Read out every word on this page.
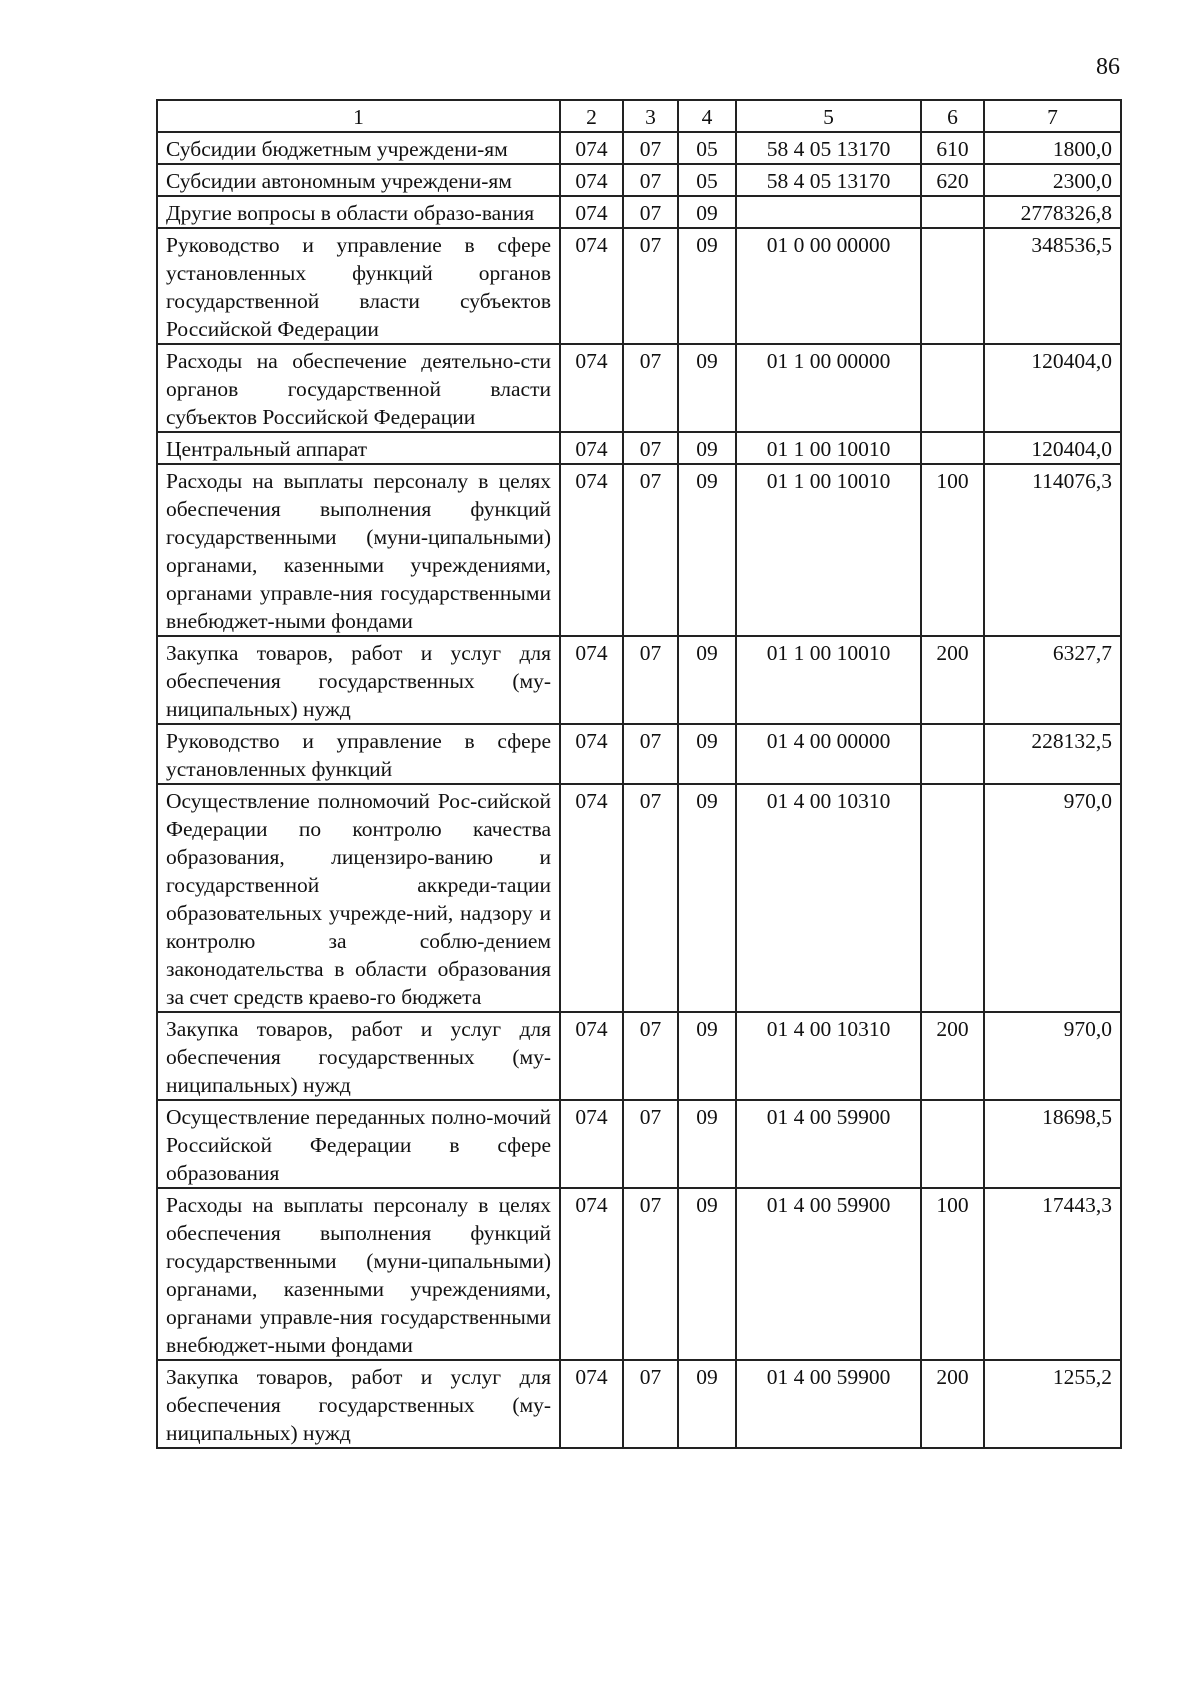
86
1	2	3	4	5	6	7
Субсидии бюджетным учреждени-ям	074	07	05	58 4 05 13170	610	1800,0
Субсидии автономным учреждени-ям	074	07	05	58 4 05 13170	620	2300,0
Другие вопросы в области образо-вания	074	07	09			2778326,8
Руководство и управление в сфере установленных функций органов государственной власти субъектов Российской Федерации	074	07	09	01 0 00 00000		348536,5
Расходы на обеспечение деятельно-сти органов государственной власти субъектов Российской Федерации	074	07	09	01 1 00 00000		120404,0
Центральный аппарат	074	07	09	01 1 00 10010		120404,0
Расходы на выплаты персоналу в целях обеспечения выполнения функций государственными (муни-ципальными) органами, казенными учреждениями, органами управле-ния государственными внебюджет-ными фондами	074	07	09	01 1 00 10010	100	114076,3
Закупка товаров, работ и услуг для обеспечения государственных (му-ниципальных) нужд	074	07	09	01 1 00 10010	200	6327,7
Руководство и управление в сфере установленных функций	074	07	09	01 4 00 00000		228132,5
Осуществление полномочий Рос-сийской Федерации по контролю качества образования, лицензиро-ванию и государственной аккреди-тации образовательных учрежде-ний, надзору и контролю за соблю-дением законодательства в области образования за счет средств краево-го бюджета	074	07	09	01 4 00 10310		970,0
Закупка товаров, работ и услуг для обеспечения государственных (му-ниципальных) нужд	074	07	09	01 4 00 10310	200	970,0
Осуществление переданных полно-мочий Российской Федерации в сфере образования	074	07	09	01 4 00 59900		18698,5
Расходы на выплаты персоналу в целях обеспечения выполнения функций государственными (муни-ципальными) органами, казенными учреждениями, органами управле-ния государственными внебюджет-ными фондами	074	07	09	01 4 00 59900	100	17443,3
Закупка товаров, работ и услуг для обеспечения государственных (му-ниципальных) нужд	074	07	09	01 4 00 59900	200	1255,2
